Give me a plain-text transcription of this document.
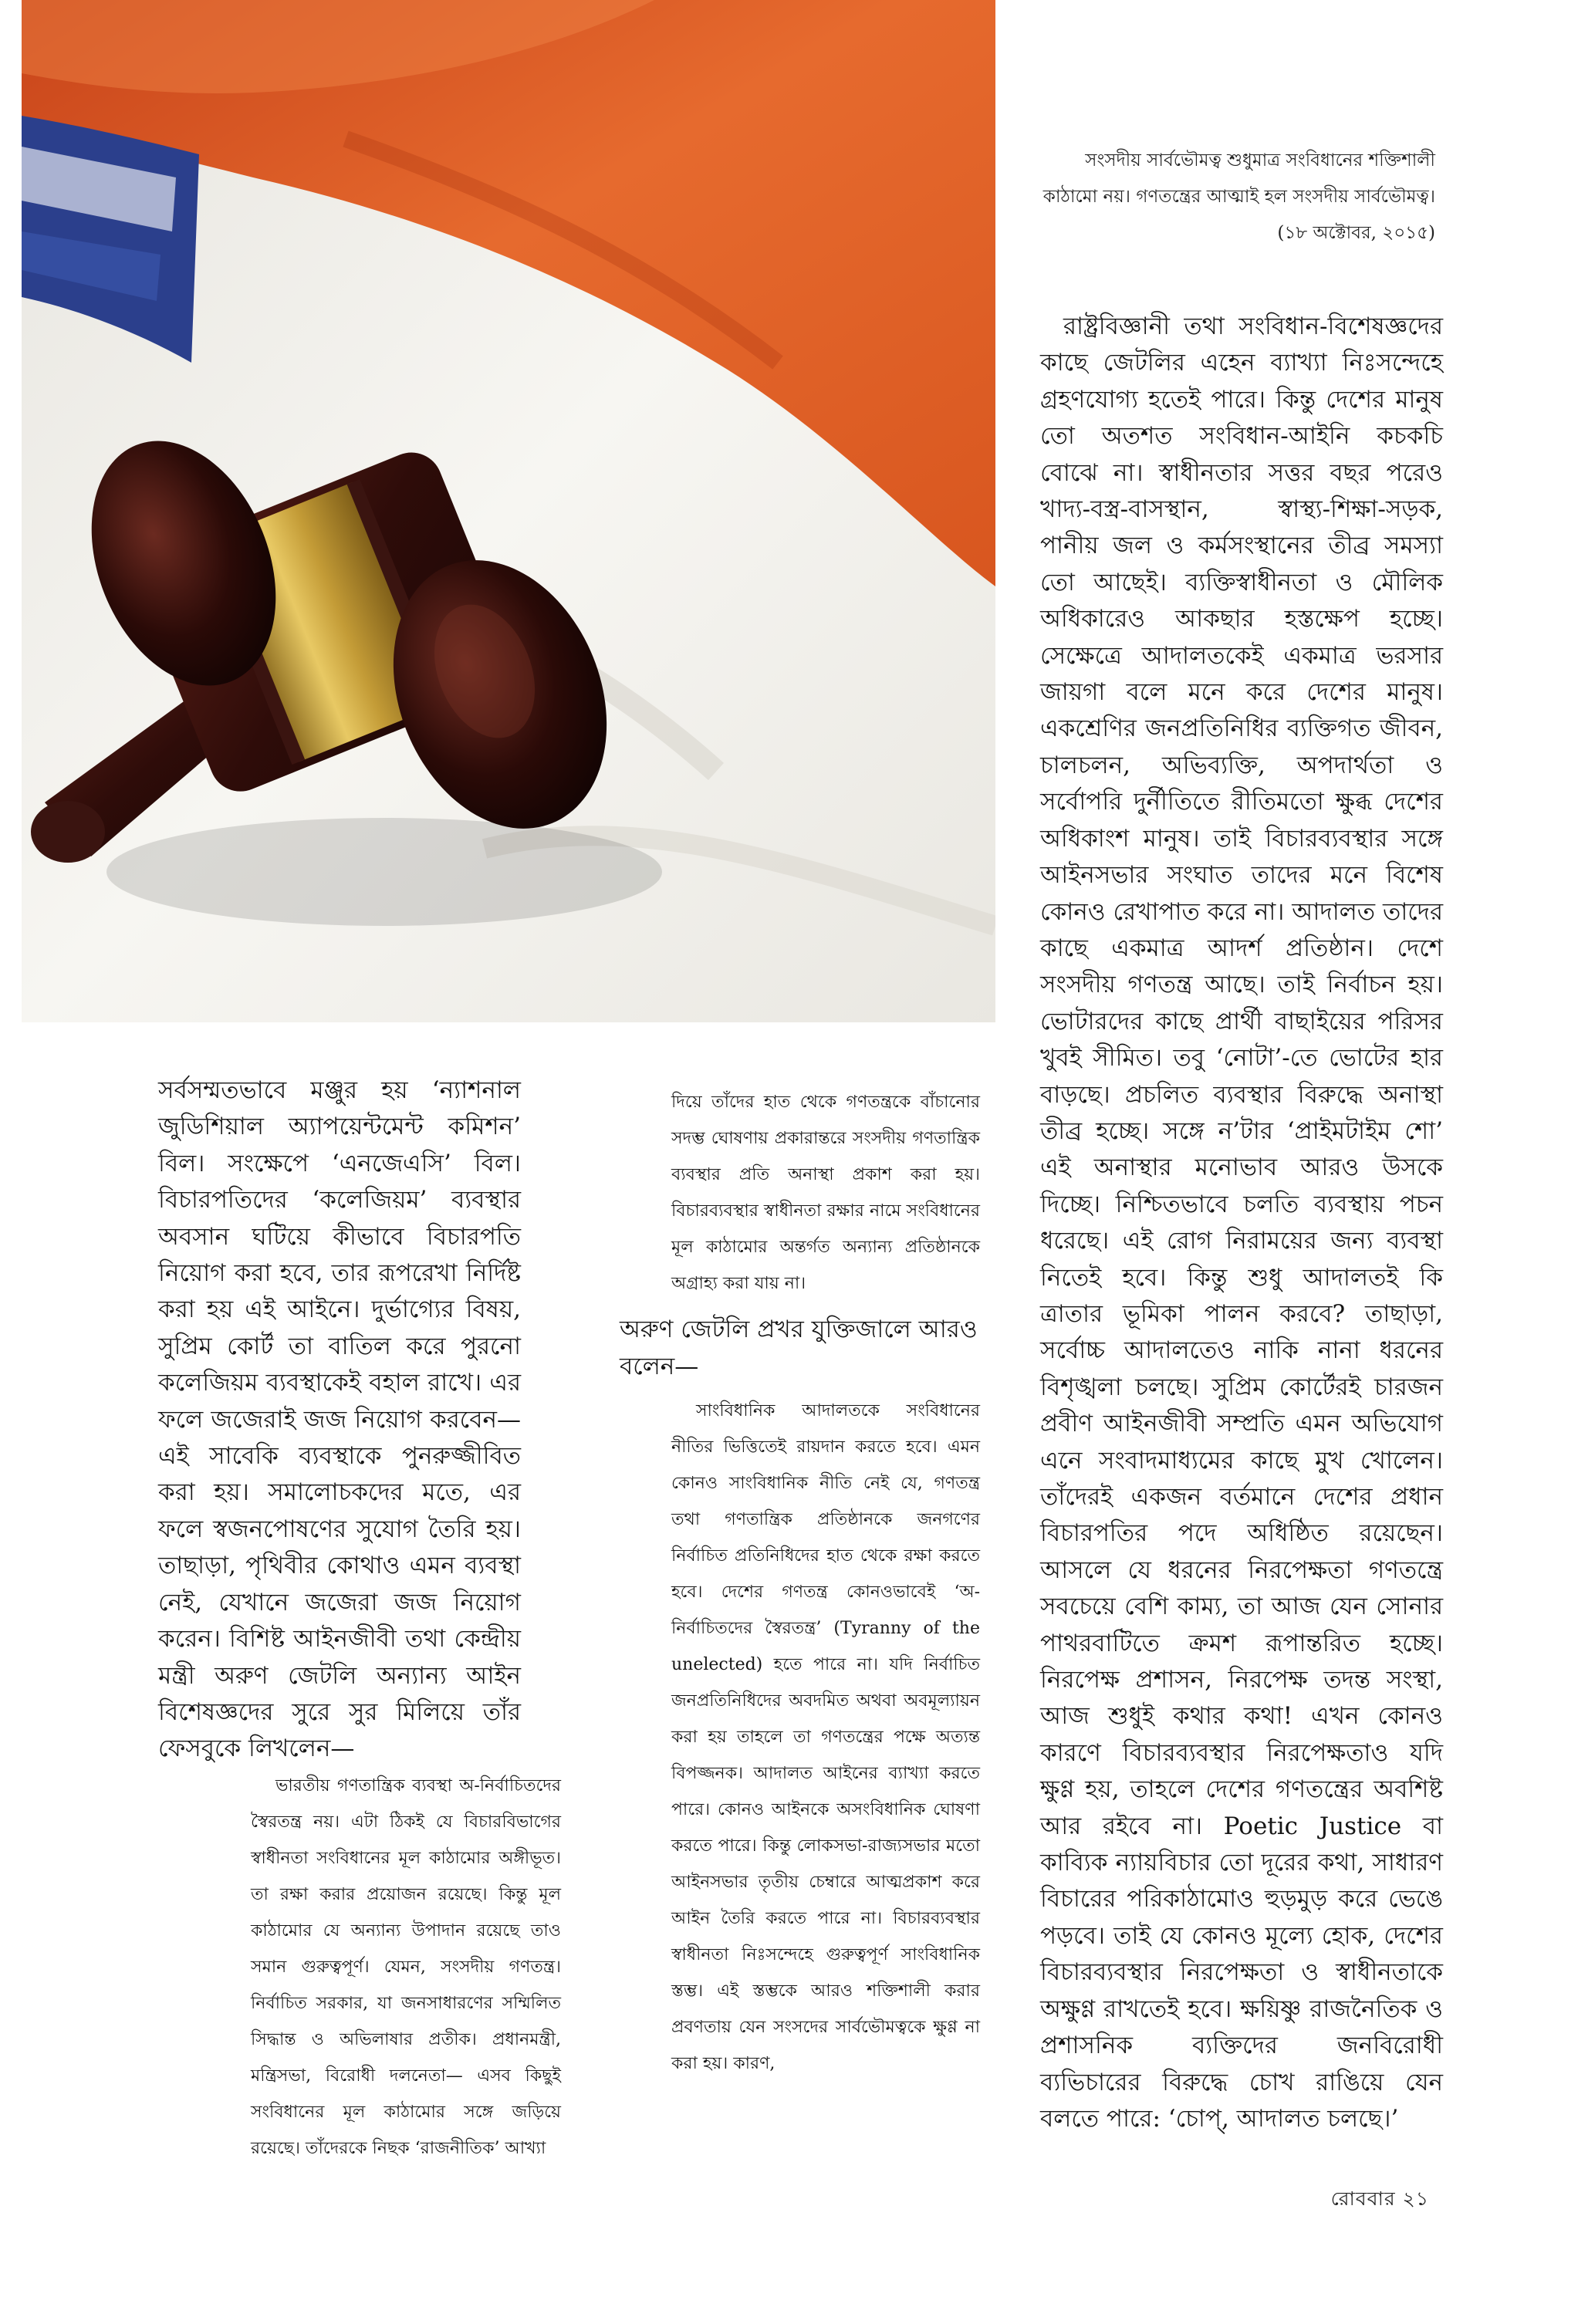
সংসদীয় সার্বভৌমত্ব শুধুমাত্র সংবিধানের শক্তিশালী কাঠামো নয়। গণতন্ত্রের আত্মাই হল সংসদীয় সার্বভৌমত্ব।
(১৮ অক্টোবর, ২০১৫)

রাষ্ট্রবিজ্ঞানী তথা সংবিধান-বিশেষজ্ঞদের কাছে জেটলির এহেন ব্যাখ্যা নিঃসন্দেহে গ্রহণযোগ্য হতেই পারে। কিন্তু দেশের মানুষ তো অতশত সংবিধান-আইনি কচকচি বোঝে না। স্বাধীনতার সত্তর বছর পরেও খাদ্য-বস্ত্র-বাসস্থান, স্বাস্থ্য-শিক্ষা-সড়ক, পানীয় জল ও কর্মসংস্থানের তীব্র সমস্যা তো আছেই। ব্যক্তিস্বাধীনতা ও মৌলিক অধিকারেও আকছার হস্তক্ষেপ হচ্ছে। সেক্ষেত্রে আদালতকেই একমাত্র ভরসার জায়গা বলে মনে করে দেশের মানুষ। একশ্রেণির জনপ্রতিনিধির ব্যক্তিগত জীবন, চালচলন, অভিব্যক্তি, অপদার্থতা ও সর্বোপরি দুর্নীতিতে রীতিমতো ক্ষুব্ধ দেশের অধিকাংশ মানুষ। তাই বিচারব্যবস্থার সঙ্গে আইনসভার সংঘাত তাদের মনে বিশেষ কোনও রেখাপাত করে না। আদালত তাদের কাছে একমাত্র আদর্শ প্রতিষ্ঠান। দেশে সংসদীয় গণতন্ত্র আছে। তাই নির্বাচন হয়। ভোটারদের কাছে প্রার্থী বাছাইয়ের পরিসর খুবই সীমিত। তবু ‘নোটা’-তে ভোটের হার বাড়ছে। প্রচলিত ব্যবস্থার বিরুদ্ধে অনাস্থা তীব্র হচ্ছে। সঙ্গে ন’টার ‘প্রাইমটাইম শো’ এই অনাস্থার মনোভাব আরও উসকে দিচ্ছে। নিশ্চিতভাবে চলতি ব্যবস্থায় পচন ধরেছে। এই রোগ নিরাময়ের জন্য ব্যবস্থা নিতেই হবে। কিন্তু শুধু আদালতই কি ত্রাতার ভূমিকা পালন করবে? তাছাড়া, সর্বোচ্চ আদালতেও নাকি নানা ধরনের বিশৃঙ্খলা চলছে। সুপ্রিম কোর্টেরই চারজন প্রবীণ আইনজীবী সম্প্রতি এমন অভিযোগ এনে সংবাদমাধ্যমের কাছে মুখ খোলেন। তাঁদেরই একজন বর্তমানে দেশের প্রধান বিচারপতির পদে অধিষ্ঠিত রয়েছেন। আসলে যে ধরনের নিরপেক্ষতা গণতন্ত্রে সবচেয়ে বেশি কাম্য, তা আজ যেন সোনার পাথরবাটিতে ক্রমশ রূপান্তরিত হচ্ছে। নিরপেক্ষ প্রশাসন, নিরপেক্ষ তদন্ত সংস্থা, আজ শুধুই কথার কথা! এখন কোনও কারণে বিচারব্যবস্থার নিরপেক্ষতাও যদি ক্ষুণ্ণ হয়, তাহলে দেশের গণতন্ত্রের অবশিষ্ট আর রইবে না। Poetic Justice বা কাব্যিক ন্যায়বিচার তো দূরের কথা, সাধারণ বিচারের পরিকাঠামোও হুড়মুড় করে ভেঙে পড়বে। তাই যে কোনও মূল্যে হোক, দেশের বিচারব্যবস্থার নিরপেক্ষতা ও স্বাধীনতাকে অক্ষুণ্ণ রাখতেই হবে। ক্ষয়িষ্ণু রাজনৈতিক ও প্রশাসনিক ব্যক্তিদের জনবিরোধী ব্যভিচারের বিরুদ্ধে চোখ রাঙিয়ে যেন বলতে পারে: ‘চোপ্, আদালত চলছে।’

সর্বসম্মতভাবে মঞ্জুর হয় ‘ন্যাশনাল জুডিশিয়াল অ্যাপয়েন্টমেন্ট কমিশন’ বিল। সংক্ষেপে ‘এনজেএসি’ বিল। বিচারপতিদের ‘কলেজিয়ম’ ব্যবস্থার অবসান ঘটিয়ে কীভাবে বিচারপতি নিয়োগ করা হবে, তার রূপরেখা নির্দিষ্ট করা হয় এই আইনে। দুর্ভাগ্যের বিষয়, সুপ্রিম কোর্ট তা বাতিল করে পুরনো কলেজিয়ম ব্যবস্থাকেই বহাল রাখে। এর ফলে জজেরাই জজ নিয়োগ করবেন— এই সাবেকি ব্যবস্থাকে পুনরুজ্জীবিত করা হয়। সমালোচকদের মতে, এর ফলে স্বজনপোষণের সুযোগ তৈরি হয়। তাছাড়া, পৃথিবীর কোথাও এমন ব্যবস্থা নেই, যেখানে জজেরা জজ নিয়োগ করেন। বিশিষ্ট আইনজীবী তথা কেন্দ্রীয় মন্ত্রী অরুণ জেটলি অন্যান্য আইন বিশেষজ্ঞদের সুরে সুর মিলিয়ে তাঁর ফেসবুকে লিখলেন—

ভারতীয় গণতান্ত্রিক ব্যবস্থা অ-নির্বাচিতদের স্বৈরতন্ত্র নয়। এটা ঠিকই যে বিচারবিভাগের স্বাধীনতা সংবিধানের মূল কাঠামোর অঙ্গীভূত। তা রক্ষা করার প্রয়োজন রয়েছে। কিন্তু মূল কাঠামোর যে অন্যান্য উপাদান রয়েছে তাও সমান গুরুত্বপূর্ণ। যেমন, সংসদীয় গণতন্ত্র। নির্বাচিত সরকার, যা জনসাধারণের সম্মিলিত সিদ্ধান্ত ও অভিলাষার প্রতীক। প্রধানমন্ত্রী, মন্ত্রিসভা, বিরোধী দলনেতা— এসব কিছুই সংবিধানের মূল কাঠামোর সঙ্গে জড়িয়ে রয়েছে। তাঁদেরকে নিছক ‘রাজনীতিক’ আখ্যা

দিয়ে তাঁদের হাত থেকে গণতন্ত্রকে বাঁচানোর সদম্ভ ঘোষণায় প্রকারান্তরে সংসদীয় গণতান্ত্রিক ব্যবস্থার প্রতি অনাস্থা প্রকাশ করা হয়। বিচারব্যবস্থার স্বাধীনতা রক্ষার নামে সংবিধানের মূল কাঠামোর অন্তর্গত অন্যান্য প্রতিষ্ঠানকে অগ্রাহ্য করা যায় না।

অরুণ জেটলি প্রখর যুক্তিজালে আরও বলেন—

সাংবিধানিক আদালতকে সংবিধানের নীতির ভিত্তিতেই রায়দান করতে হবে। এমন কোনও সাংবিধানিক নীতি নেই যে, গণতন্ত্র তথা গণতান্ত্রিক প্রতিষ্ঠানকে জনগণের নির্বাচিত প্রতিনিধিদের হাত থেকে রক্ষা করতে হবে। দেশের গণতন্ত্র কোনওভাবেই ‘অ-নির্বাচিতদের স্বৈরতন্ত্র’ (Tyranny of the unelected) হতে পারে না। যদি নির্বাচিত জনপ্রতিনিধিদের অবদমিত অথবা অবমূল্যায়ন করা হয় তাহলে তা গণতন্ত্রের পক্ষে অত্যন্ত বিপজ্জনক। আদালত আইনের ব্যাখ্যা করতে পারে। কোনও আইনকে অসংবিধানিক ঘোষণা করতে পারে। কিন্তু লোকসভা-রাজ্যসভার মতো আইনসভার তৃতীয় চেম্বারে আত্মপ্রকাশ করে আইন তৈরি করতে পারে না। বিচারব্যবস্থার স্বাধীনতা নিঃসন্দেহে গুরুত্বপূর্ণ সাংবিধানিক স্তম্ভ। এই স্তম্ভকে আরও শক্তিশালী করার প্রবণতায় যেন সংসদের সার্বভৌমত্বকে ক্ষুণ্ণ না করা হয়। কারণ,

রোববার ২১
